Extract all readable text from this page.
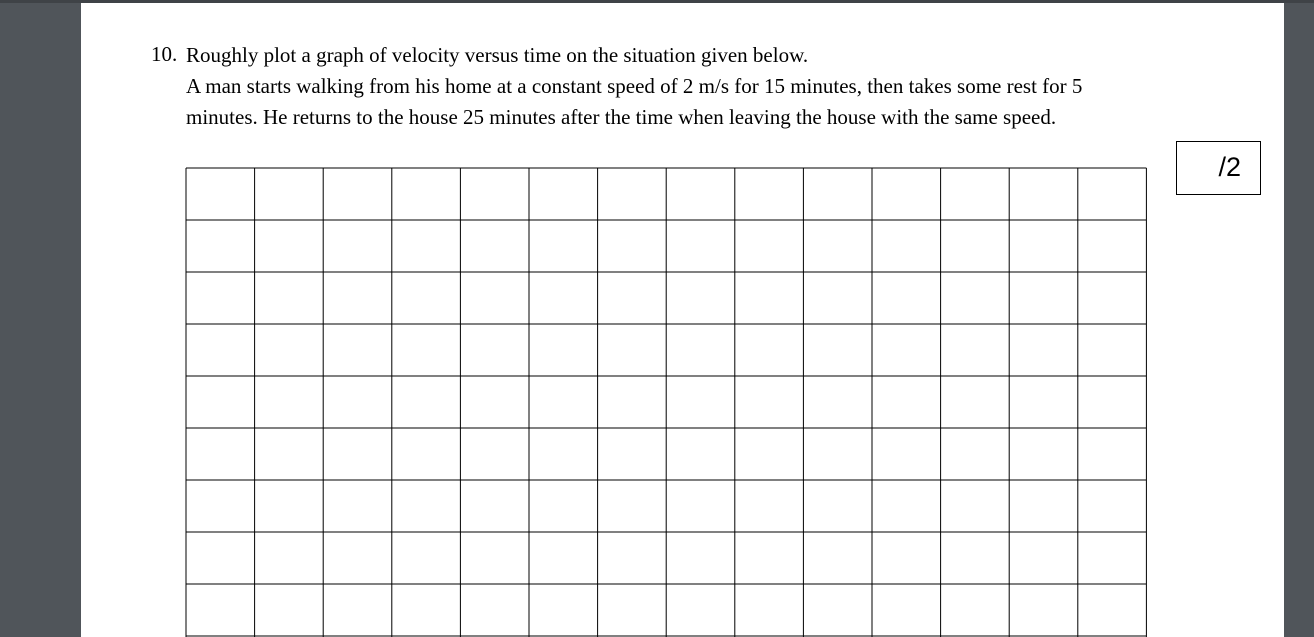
10. Roughly plot a graph of velocity versus time on the situation given below.
A man starts walking from his home at a constant speed of 2 m/s for 15 minutes, then takes some rest for 5
minutes. He returns to the house 25 minutes after the time when leaving the house with the same speed.
/2
